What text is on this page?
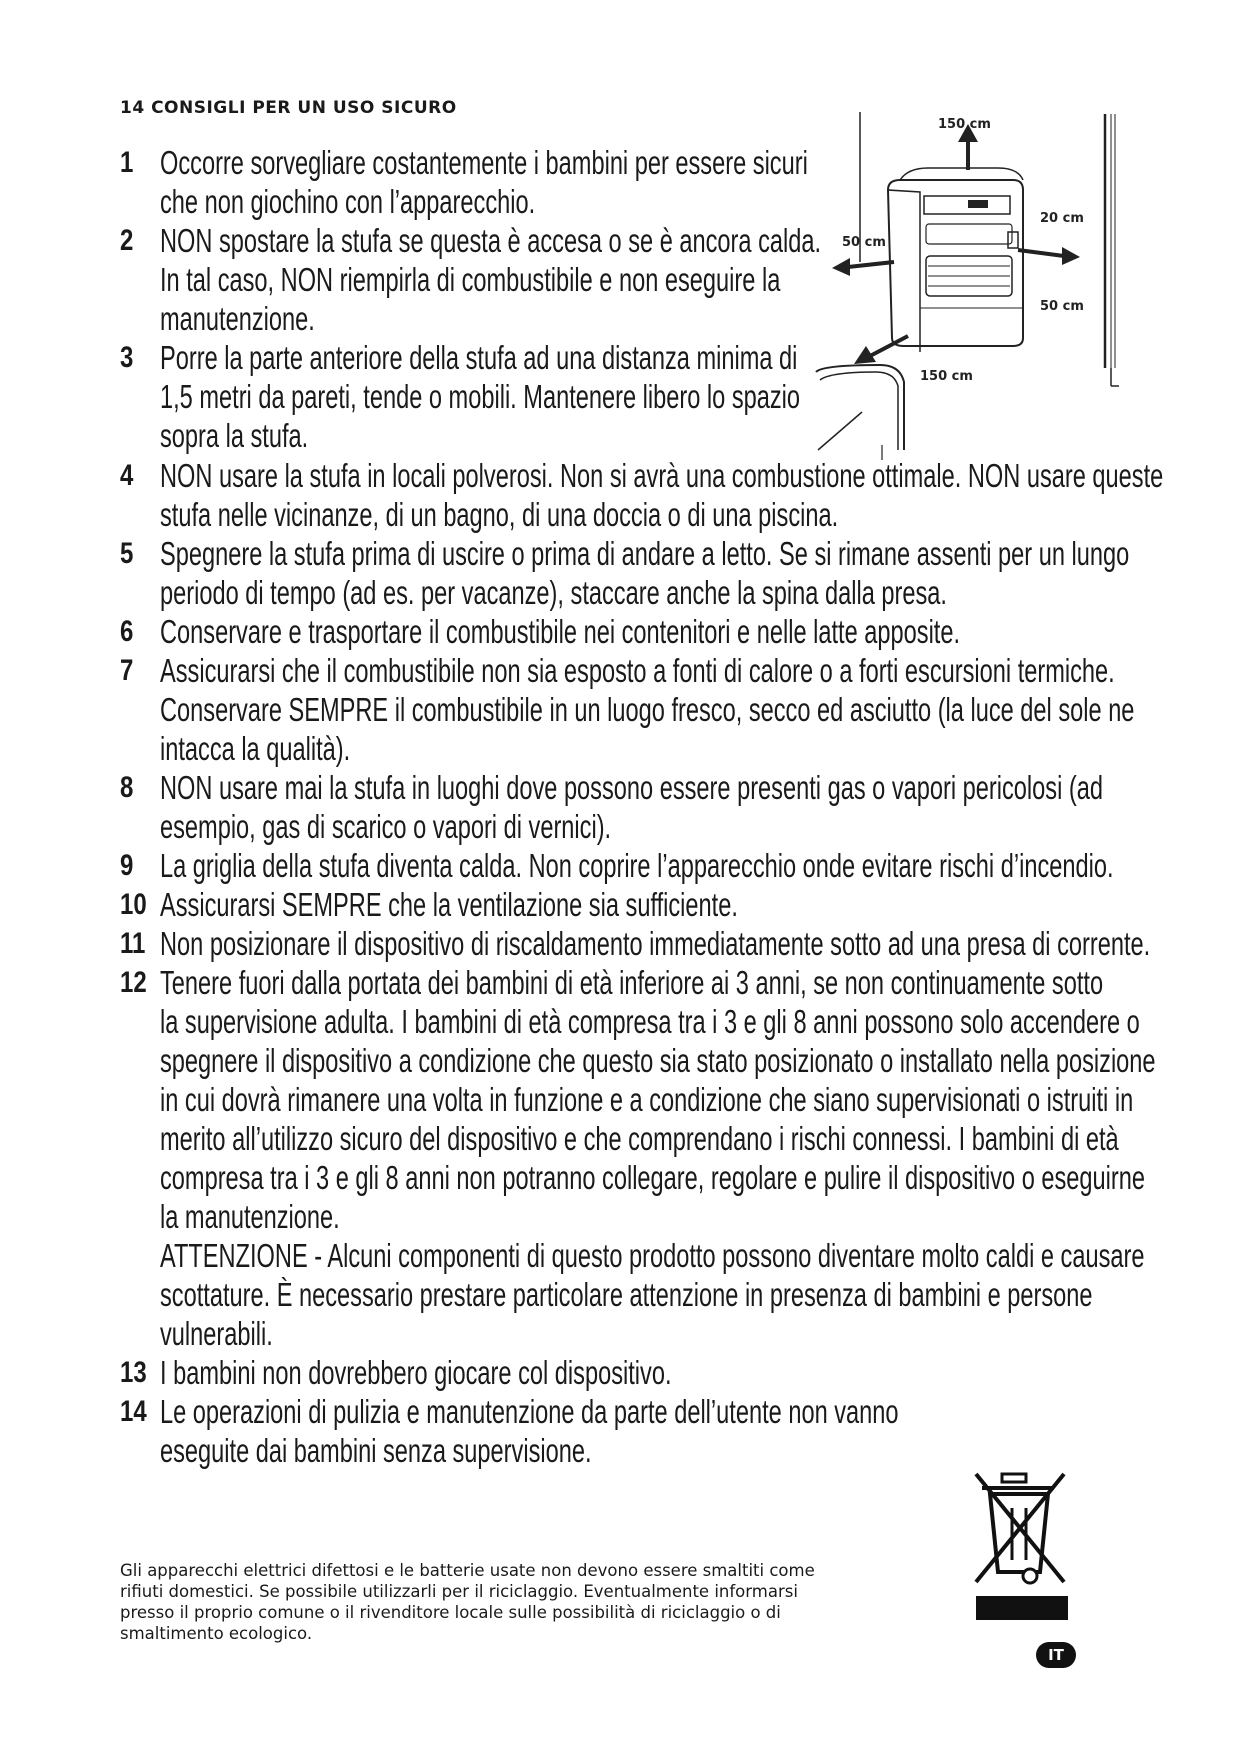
14 CONSIGLI PER UN USO SICURO
150 cm
50 cm
20 cm
50 cm
150 cm
1 Occorre sorvegliare costantemente i bambini per essere sicuri
che non giochino con l’apparecchio.
2 NON spostare la stufa se questa è accesa o se è ancora calda.
In tal caso, NON riempirla di combustibile e non eseguire la
manutenzione.
3 Porre la parte anteriore della stufa ad una distanza minima di
1,5 metri da pareti, tende o mobili. Mantenere libero lo spazio
sopra la stufa.
4 NON usare la stufa in locali polverosi. Non si avrà una combustione ottimale. NON usare queste
stufa nelle vicinanze, di un bagno, di una doccia o di una piscina.
5 Spegnere la stufa prima di uscire o prima di andare a letto. Se si rimane assenti per un lungo
periodo di tempo (ad es. per vacanze), staccare anche la spina dalla presa.
6 Conservare e trasportare il combustibile nei contenitori e nelle latte apposite.
7 Assicurarsi che il combustibile non sia esposto a fonti di calore o a forti escursioni termiche.
Conservare SEMPRE il combustibile in un luogo fresco, secco ed asciutto (la luce del sole ne
intacca la qualità).
8 NON usare mai la stufa in luoghi dove possono essere presenti gas o vapori pericolosi (ad
esempio, gas di scarico o vapori di vernici).
9 La griglia della stufa diventa calda. Non coprire l’apparecchio onde evitare rischi d’incendio.
10 Assicurarsi SEMPRE che la ventilazione sia sufficiente.
11 Non posizionare il dispositivo di riscaldamento immediatamente sotto ad una presa di corrente.
12 Tenere fuori dalla portata dei bambini di età inferiore ai 3 anni, se non continuamente sotto
la supervisione adulta. I bambini di età compresa tra i 3 e gli 8 anni possono solo accendere o
spegnere il dispositivo a condizione che questo sia stato posizionato o installato nella posizione
in cui dovrà rimanere una volta in funzione e a condizione che siano supervisionati o istruiti in
merito all’utilizzo sicuro del dispositivo e che comprendano i rischi connessi. I bambini di età
compresa tra i 3 e gli 8 anni non potranno collegare, regolare e pulire il dispositivo o eseguirne
la manutenzione.
ATTENZIONE - Alcuni componenti di questo prodotto possono diventare molto caldi e causare
scottature. È necessario prestare particolare attenzione in presenza di bambini e persone
vulnerabili.
13 I bambini non dovrebbero giocare col dispositivo.
14 Le operazioni di pulizia e manutenzione da parte dell’utente non vanno
eseguite dai bambini senza supervisione.
Gli apparecchi elettrici difettosi e le batterie usate non devono essere smaltiti come
rifiuti domestici. Se possibile utilizzarli per il riciclaggio. Eventualmente informarsi
presso il proprio comune o il rivenditore locale sulle possibilità di riciclaggio o di
smaltimento ecologico.
IT
